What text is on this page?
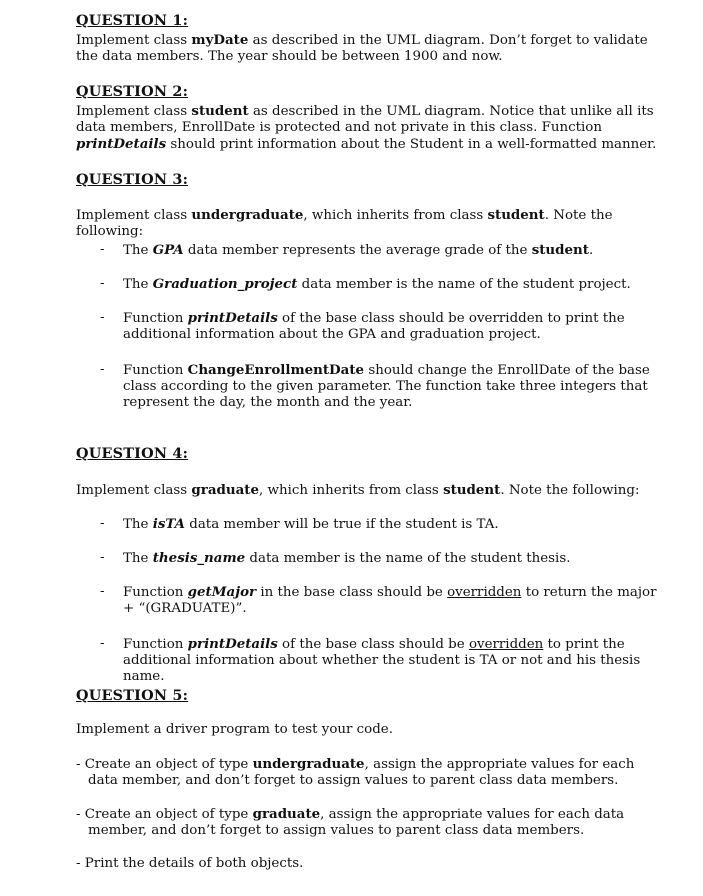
QUESTION 1:
Implement class myDate as described in the UML diagram. Don’t forget to validate the data members. The year should be between 1900 and now.
QUESTION 2:
Implement class student as described in the UML diagram. Notice that unlike all its data members, EnrollDate is protected and not private in this class. Function printDetails should print information about the Student in a well-formatted manner.
QUESTION 3:
Implement class undergraduate, which inherits from class student. Note the following:
-	The GPA data member represents the average grade of the student.
-	The Graduation_project data member is the name of the student project.
-	Function printDetails of the base class should be overridden to print the additional information about the GPA and graduation project.
-	Function ChangeEnrollmentDate should change the EnrollDate of the base class according to the given parameter. The function take three integers that represent the day, the month and the year.
QUESTION 4:
Implement class graduate, which inherits from class student. Note the following:
-	The isTA data member will be true if the student is TA.
-	The thesis_name data member is the name of the student thesis.
-	Function getMajor in the base class should be overridden to return the major + “(GRADUATE)”.
-	Function printDetails of the base class should be overridden to print the additional information about whether the student is TA or not and his thesis name.
QUESTION 5:
Implement a driver program to test your code.
- Create an object of type undergraduate, assign the appropriate values for each data member, and don’t forget to assign values to parent class data members.
- Create an object of type graduate, assign the appropriate values for each data member, and don’t forget to assign values to parent class data members.
- Print the details of both objects.
